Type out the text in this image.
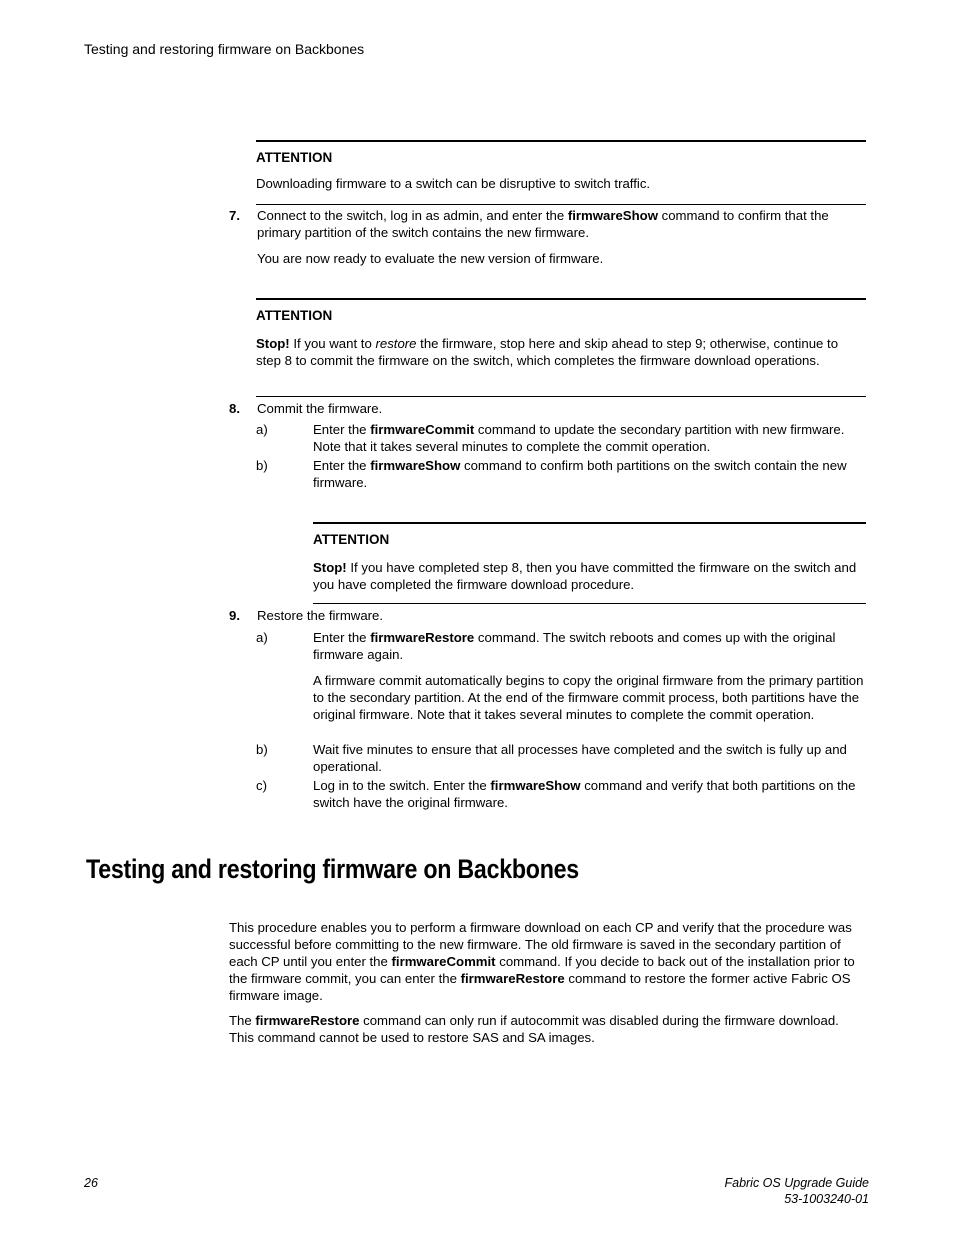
Testing and restoring firmware on Backbones
ATTENTION
Downloading firmware to a switch can be disruptive to switch traffic.
7. Connect to the switch, log in as admin, and enter the firmwareShow command to confirm that the primary partition of the switch contains the new firmware.
You are now ready to evaluate the new version of firmware.
ATTENTION
Stop! If you want to restore the firmware, stop here and skip ahead to step 9; otherwise, continue to step 8 to commit the firmware on the switch, which completes the firmware download operations.
8. Commit the firmware.
a)	Enter the firmwareCommit command to update the secondary partition with new firmware. Note that it takes several minutes to complete the commit operation.
b)	Enter the firmwareShow command to confirm both partitions on the switch contain the new firmware.
ATTENTION
Stop! If you have completed step 8, then you have committed the firmware on the switch and you have completed the firmware download procedure.
9. Restore the firmware.
a)	Enter the firmwareRestore command. The switch reboots and comes up with the original firmware again.
A firmware commit automatically begins to copy the original firmware from the primary partition to the secondary partition. At the end of the firmware commit process, both partitions have the original firmware. Note that it takes several minutes to complete the commit operation.
b)	Wait five minutes to ensure that all processes have completed and the switch is fully up and operational.
c)	Log in to the switch. Enter the firmwareShow command and verify that both partitions on the switch have the original firmware.
Testing and restoring firmware on Backbones
This procedure enables you to perform a firmware download on each CP and verify that the procedure was successful before committing to the new firmware. The old firmware is saved in the secondary partition of each CP until you enter the firmwareCommit command. If you decide to back out of the installation prior to the firmware commit, you can enter the firmwareRestore command to restore the former active Fabric OS firmware image.
The firmwareRestore command can only run if autocommit was disabled during the firmware download. This command cannot be used to restore SAS and SA images.
26	Fabric OS Upgrade Guide
53-1003240-01
